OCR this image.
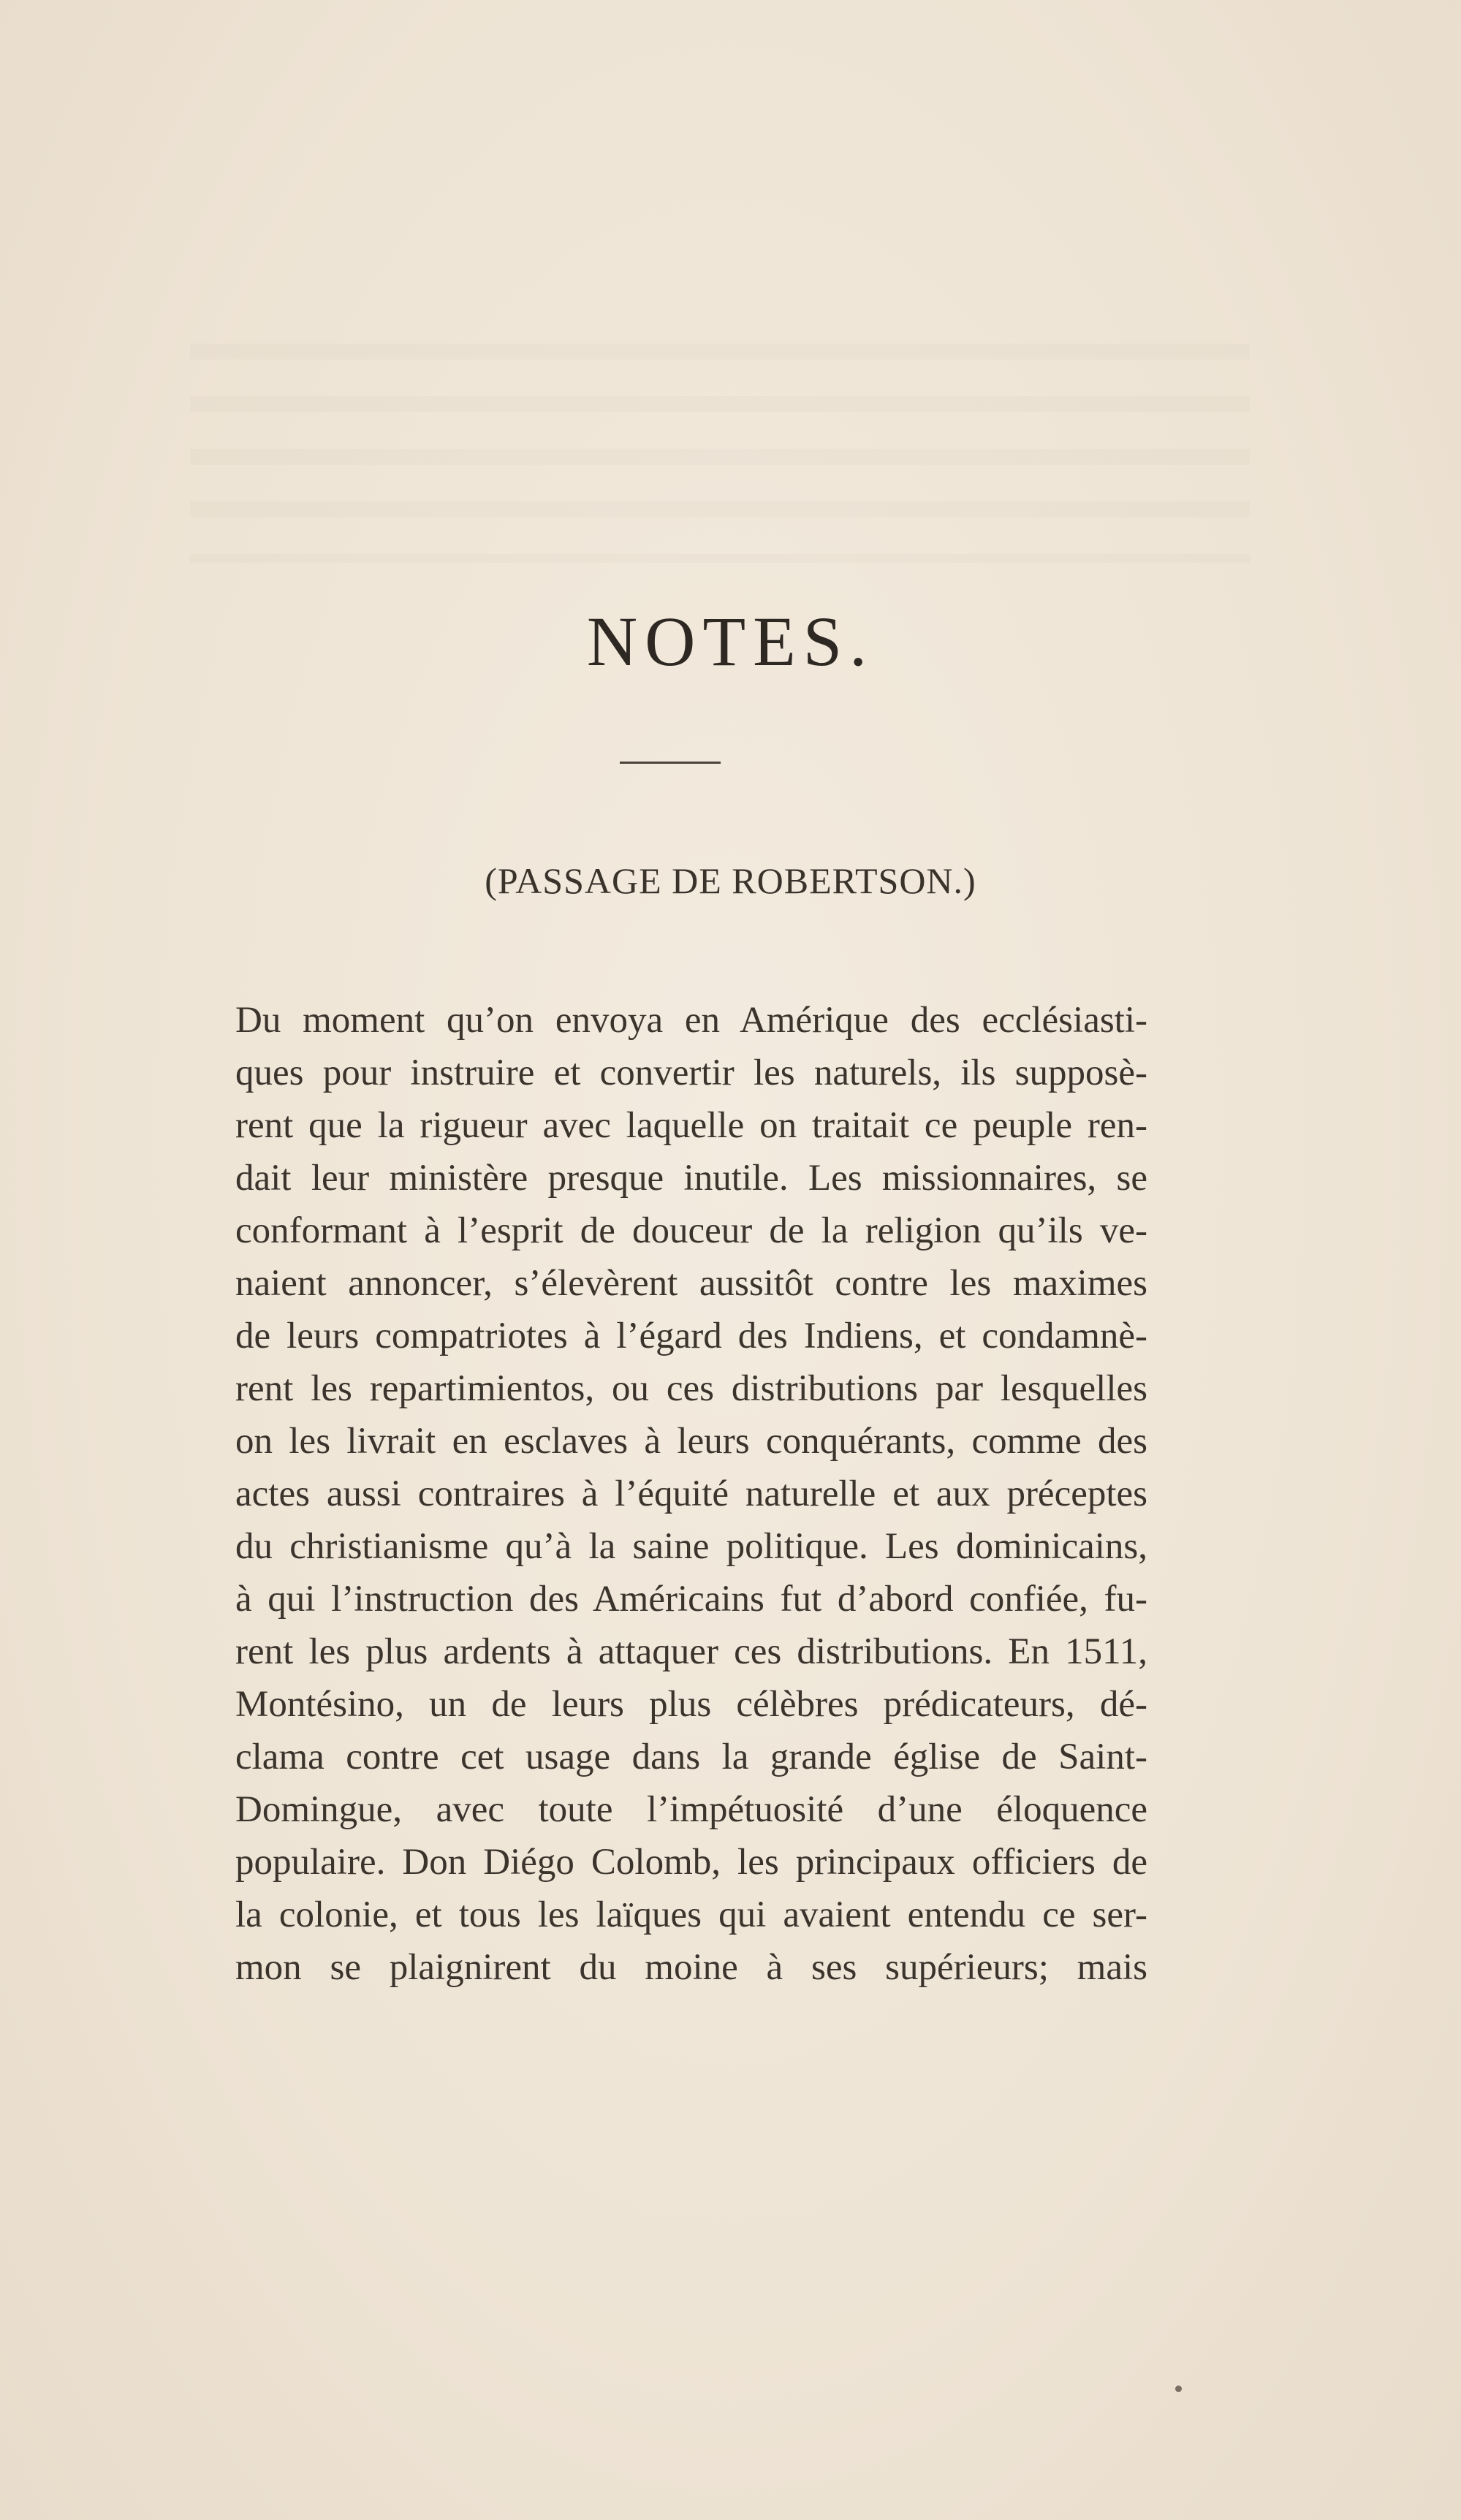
NOTES.
(PASSAGE DE ROBERTSON.)
Du moment qu’on envoya en Amérique des ecclésiasti-
ques pour instruire et convertir les naturels, ils supposè-
rent que la rigueur avec laquelle on traitait ce peuple ren-
dait leur ministère presque inutile. Les missionnaires, se
conformant à l’esprit de douceur de la religion qu’ils ve-
naient annoncer, s’élevèrent aussitôt contre les maximes
de leurs compatriotes à l’égard des Indiens, et condamnè-
rent les repartimientos, ou ces distributions par lesquelles
on les livrait en esclaves à leurs conquérants, comme des
actes aussi contraires à l’équité naturelle et aux préceptes
du christianisme qu’à la saine politique. Les dominicains,
à qui l’instruction des Américains fut d’abord confiée, fu-
rent les plus ardents à attaquer ces distributions. En 1511,
Montésino, un de leurs plus célèbres prédicateurs, dé-
clama contre cet usage dans la grande église de Saint-
Domingue, avec toute l’impétuosité d’une éloquence
populaire. Don Diégo Colomb, les principaux officiers de
la colonie, et tous les laïques qui avaient entendu ce ser-
mon se plaignirent du moine à ses supérieurs; mais
